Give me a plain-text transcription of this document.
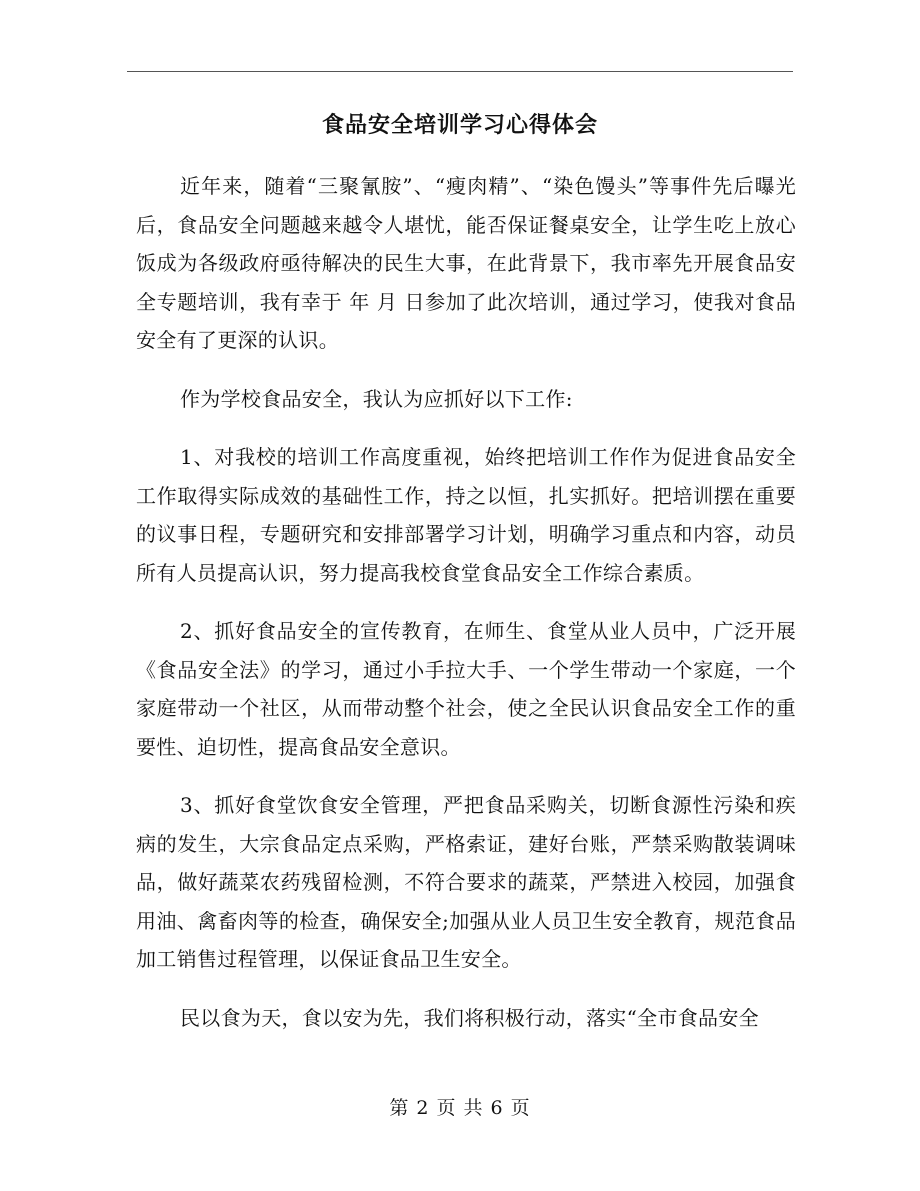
食品安全培训学习心得体会

近年来，随着“三聚氰胺”、“瘦肉精”、“染色馒头”等事件先后曝光后，食品安全问题越来越令人堪忧，能否保证餐桌安全，让学生吃上放心饭成为各级政府亟待解决的民生大事，在此背景下，我市率先开展食品安全专题培训，我有幸于 年 月 日参加了此次培训，通过学习，使我对食品安全有了更深的认识。

作为学校食品安全，我认为应抓好以下工作:

1、对我校的培训工作高度重视，始终把培训工作作为促进食品安全工作取得实际成效的基础性工作，持之以恒，扎实抓好。把培训摆在重要的议事日程，专题研究和安排部署学习计划，明确学习重点和内容，动员所有人员提高认识，努力提高我校食堂食品安全工作综合素质。

2、抓好食品安全的宣传教育，在师生、食堂从业人员中，广泛开展《食品安全法》的学习，通过小手拉大手、一个学生带动一个家庭，一个家庭带动一个社区，从而带动整个社会，使之全民认识食品安全工作的重要性、迫切性，提高食品安全意识。

3、抓好食堂饮食安全管理，严把食品采购关，切断食源性污染和疾病的发生，大宗食品定点采购，严格索证，建好台账，严禁采购散装调味品，做好蔬菜农药残留检测，不符合要求的蔬菜，严禁进入校园，加强食用油、禽畜肉等的检查，确保安全;加强从业人员卫生安全教育，规范食品加工销售过程管理，以保证食品卫生安全。

民以食为天，食以安为先，我们将积极行动，落实“全市食品安全

第 2 页 共 6 页
